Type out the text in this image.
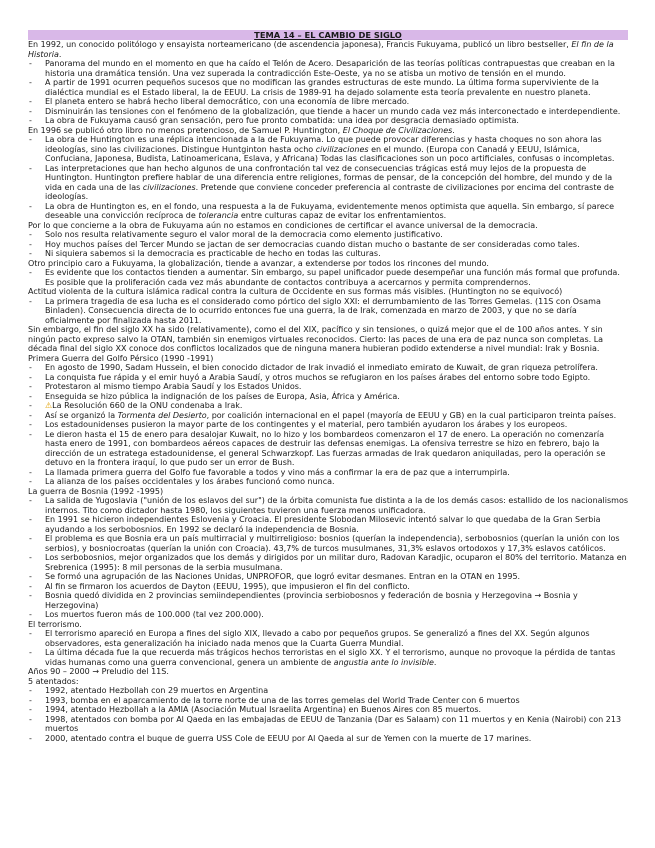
TEMA 14 – EL CAMBIO DE SIGLO

En 1992, un conocido politólogo y ensayista norteamericano (de ascendencia japonesa), Francis Fukuyama, publicó un libro bestseller, El fin de la Historia.

- Panorama del mundo en el momento en que ha caído el Telón de Acero. Desaparición de las teorías políticas contrapuestas que creaban en la historia una dramática tensión. Una vez superada la contradicción Este-Oeste, ya no se atisba un motivo de tensión en el mundo.
- A partir de 1991 ocurren pequeños sucesos que no modifican las grandes estructuras de este mundo. La última forma superviviente de la dialéctica mundial es el Estado liberal, la de EEUU. La crisis de 1989-91 ha dejado solamente esta teoría prevalente en nuestro planeta.
- El planeta entero se habrá hecho liberal democrático, con una economía de libre mercado.
- Disminuirán las tensiones con el fenómeno de la globalización, que tiende a hacer un mundo cada vez más interconectado e interdependiente.
- La obra de Fukuyama causó gran sensación, pero fue pronto combatida: una idea por desgracia demasiado optimista.

En 1996 se publicó otro libro no menos pretencioso, de Samuel P. Huntington, El Choque de Civilizaciones.

- La obra de Huntington es una réplica intencionada a la de Fukuyama. Lo que puede provocar diferencias y hasta choques no son ahora las ideologías, sino las civilizaciones. Distingue Huntginton hasta ocho civilizaciones en el mundo. (Europa con Canadá y EEUU, Islámica, Confuciana, Japonesa, Budista, Latinoamericana, Eslava, y Africana) Todas las clasificaciones son un poco artificiales, confusas o incompletas.
- Las interpretaciones que han hecho algunos de una confrontación tal vez de consecuencias trágicas está muy lejos de la propuesta de Huntington. Huntington prefiere hablar de una diferencia entre religiones, formas de pensar, de la concepción del hombre, del mundo y de la vida en cada una de las civilizaciones. Pretende que conviene conceder preferencia al contraste de civilizaciones por encima del contraste de ideologías.
- La obra de Huntington es, en el fondo, una respuesta a la de Fukuyama, evidentemente menos optimista que aquella. Sin embargo, sí parece deseable una convicción recíproca de tolerancia entre culturas capaz de evitar los enfrentamientos.

Por lo que concierne a la obra de Fukuyama aún no estamos en condiciones de certificar el avance universal de la democracia.

- Solo nos resulta relativamente seguro el valor moral de la democracia como elemento justificativo.
- Hoy muchos países del Tercer Mundo se jactan de ser democracias cuando distan mucho o bastante de ser consideradas como tales.
- Ni siquiera sabemos si la democracia es practicable de hecho en todas las culturas.

Otro principio caro a Fukuyama, la globalización, tiende a avanzar, a extenderse por todos los rincones del mundo.

- Es evidente que los contactos tienden a aumentar. Sin embargo, su papel unificador puede desempeñar una función más formal que profunda. Es posible que la proliferación cada vez más abundante de contactos contribuya a acercarnos y permita comprendernos.

Actitud violenta de la cultura islámica radical contra la cultura de Occidente en sus formas más visibles. (Huntington no se equivocó)

- La primera tragedia de esa lucha es el considerado como pórtico del siglo XXI: el derrumbamiento de las Torres Gemelas. (11S con Osama Binladen). Consecuencia directa de lo ocurrido entonces fue una guerra, la de Irak, comenzada en marzo de 2003, y que no se daría oficialmente por finalizada hasta 2011.

Sin embargo, el fin del siglo XX ha sido (relativamente), como el del XIX, pacífico y sin tensiones, o quizá mejor que el de 100 años antes. Y sin ningún pacto expreso salvo la OTAN, también sin enemigos virtuales reconocidos. Cierto: las paces de una era de paz nunca son completas. La década final del siglo XX conoce dos conflictos localizados que de ninguna manera hubieran podido extenderse a nivel mundial: Irak y Bosnia.

Primera Guerra del Golfo Pérsico (1990 -1991)

- En agosto de 1990, Sadam Hussein, el bien conocido dictador de Irak invadió el inmediato emirato de Kuwait, de gran riqueza petrolífera.
- La conquista fue rápida y el emir huyó a Arabia Saudí, y otros muchos se refugiaron en los países árabes del entorno sobre todo Egipto.
- Protestaron al mismo tiempo Arabia Saudí y los Estados Unidos.
- Enseguida se hizo pública la indignación de los países de Europa, Asia, África y América.
- ⚠La Resolución 660 de la ONU condenaba a Irak.
- Así se organizó la Tormenta del Desierto, por coalición internacional en el papel (mayoría de EEUU y GB) en la cual participaron treinta países.
- Los estadounidenses pusieron la mayor parte de los contingentes y el material, pero también ayudaron los árabes y los europeos.
- Le dieron hasta el 15 de enero para desalojar Kuwait, no lo hizo y los bombardeos comenzaron el 17 de enero. La operación no comenzaría hasta enero de 1991, con bombardeos aéreos capaces de destruir las defensas enemigas. La ofensiva terrestre se hizo en febrero, bajo la dirección de un estratega estadounidense, el general Schwarzkopf. Las fuerzas armadas de Irak quedaron aniquiladas, pero la operación se detuvo en la frontera iraquí, lo que pudo ser un error de Bush.
- La llamada primera guerra del Golfo fue favorable a todos y vino más a confirmar la era de paz que a interrumpirla.
- La alianza de los países occidentales y los árabes funcionó como nunca.

La guerra de Bosnia (1992 -1995)

- La salida de Yugoslavia ("unión de los eslavos del sur") de la órbita comunista fue distinta a la de los demás casos: estallido de los nacionalismos internos. Tito como dictador hasta 1980, los siguientes tuvieron una fuerza menos unificadora.
- En 1991 se hicieron independientes Eslovenia y Croacia. El presidente Slobodan Milosevic intentó salvar lo que quedaba de la Gran Serbia ayudando a los serbobosnios. En 1992 se declaró la independencia de Bosnia.
- El problema es que Bosnia era un país multirracial y multirreligioso: bosnios (querían la independencia), serbobosnios (querían la unión con los serbios), y bosniocroatas (querían la unión con Croacia). 43,7% de turcos musulmanes, 31,3% eslavos ortodoxos y 17,3% eslavos católicos.
- Los serbobosnios, mejor organizados que los demás y dirigidos por un militar duro, Radovan Karadjic, ocuparon el 80% del territorio. Matanza en Srebrenica (1995): 8 mil personas de la serbia musulmana.
- Se formó una agrupación de las Naciones Unidas, UNPROFOR, que logró evitar desmanes. Entran en la OTAN en 1995.
- Al fin se firmaron los acuerdos de Dayton (EEUU, 1995), que impusieron el fin del conflicto.
- Bosnia quedó dividida en 2 provincias semiindependientes (provincia serbiobosnos y federación de bosnia y Herzegovina → Bosnia y Herzegovina)
- Los muertos fueron más de 100.000 (tal vez 200.000).

El terrorismo.

- El terrorismo apareció en Europa a fines del siglo XIX, llevado a cabo por pequeños grupos. Se generalizó a fines del XX. Según algunos observadores, esta generalización ha iniciado nada menos que la Cuarta Guerra Mundial.
- La última década fue la que recuerda más trágicos hechos terroristas en el siglo XX. Y el terrorismo, aunque no provoque la pérdida de tantas vidas humanas como una guerra convencional, genera un ambiente de angustia ante lo invisible.

Años 90 – 2000 → Preludio del 11S.

5 atentados:

- 1992, atentado Hezbollah con 29 muertos en Argentina
- 1993, bomba en el aparcamiento de la torre norte de una de las torres gemelas del World Trade Center con 6 muertos
- 1994, atentado Hezbollah a la AMIA (Asociación Mutual Israelita Argentina) en Buenos Aires con 85 muertos.
- 1998, atentados con bomba por Al Qaeda en las embajadas de EEUU de Tanzania (Dar es Salaam) con 11 muertos y en Kenia (Nairobi) con 213 muertos
- 2000, atentado contra el buque de guerra USS Cole de EEUU por Al Qaeda al sur de Yemen con la muerte de 17 marines.
